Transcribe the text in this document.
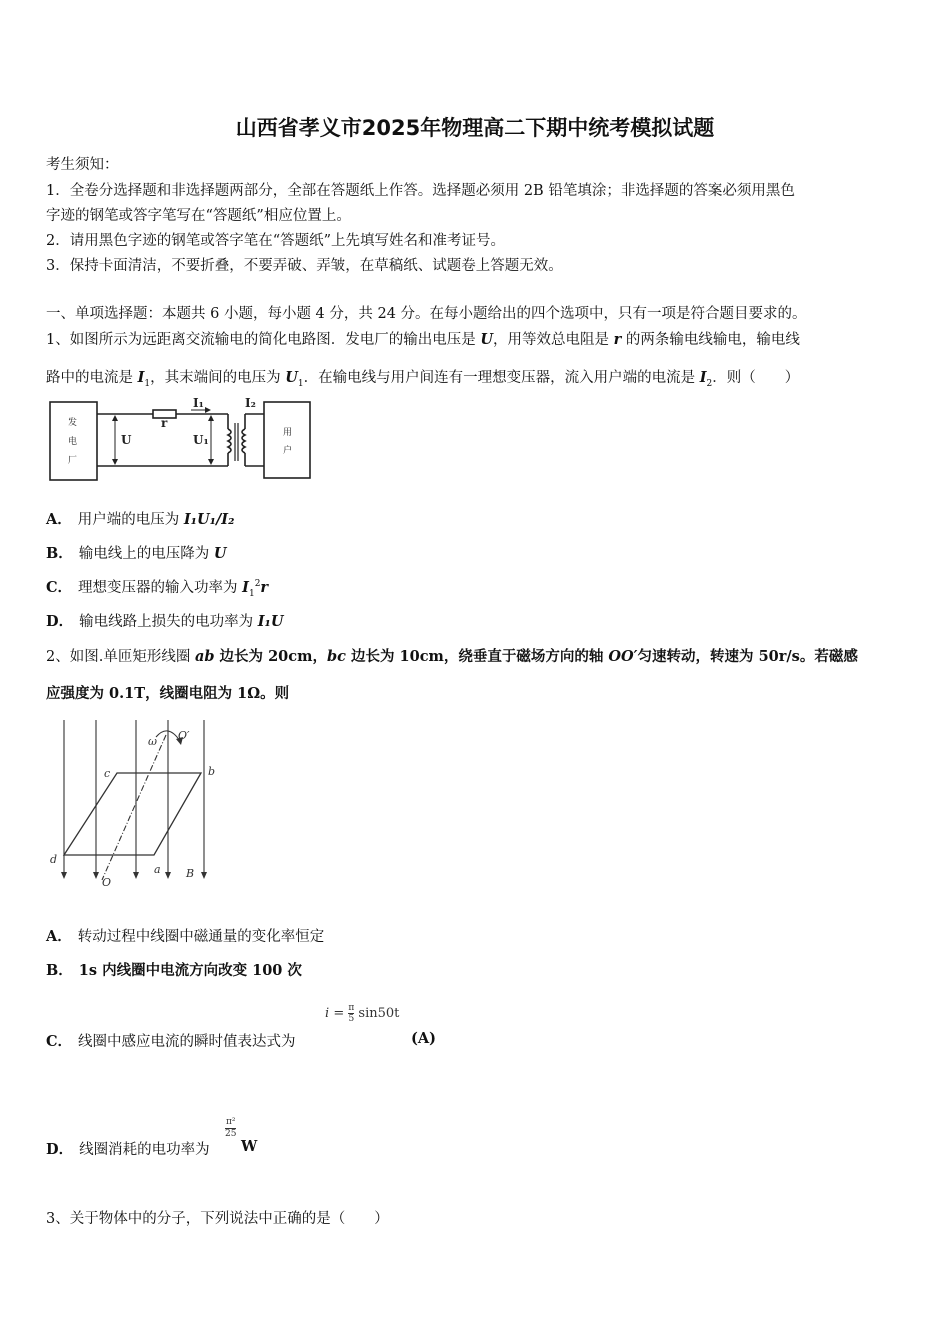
山西省孝义市2025年物理高二下期中统考模拟试题
考生须知：
1．全卷分选择题和非选择题两部分，全部在答题纸上作答。选择题必须用 2B 铅笔填涂；非选择题的答案必须用黑色
字迹的钢笔或答字笔写在“答题纸”相应位置上。
2．请用黑色字迹的钢笔或答字笔在“答题纸”上先填写姓名和准考证号。
3．保持卡面清洁，不要折叠，不要弄破、弄皱，在草稿纸、试题卷上答题无效。
一、单项选择题：本题共 6 小题，每小题 4 分，共 24 分。在每小题给出的四个选项中，只有一项是符合题目要求的。
1、如图所示为远距离交流输电的简化电路图．发电厂的输出电压是 U，用等效总电阻是 r 的两条输电线输电，输电线
路中的电流是 $I_1$，其末端间的电压为 $U_1$．在输电线与用户间连有一理想变压器，流入用户端的电流是 $I_2$．则（　　）
发
电
厂
用
户
U	U₁
r
I₁	I₂
A． 用户端的电压为 I₁U₁/I₂
B． 输电线上的电压降为 U
C． 理想变压器的输入功率为 $I_1^2r$
D． 输电线路上损失的电功率为 I₁U
2、如图.单匝矩形线圈 ab 边长为 20cm，bc 边长为 10cm，绕垂直于磁场方向的轴 OO′匀速转动，转速为 50r/s。若磁感
应强度为 0.1T，线圈电阻为 1Ω。则
O′
ω
c	b
d
a
O
B
A． 转动过程中线圈中磁通量的变化率恒定
B． 1s 内线圈中电流方向改变 100 次
$i = \frac{\pi}{5} \sin 50t$
C． 线圈中感应电流的瞬时值表达式为	(A)
$\frac{\text{π²}}{25}$
D． 线圈消耗的电功率为 W
3、关于物体中的分子，下列说法中正确的是（　　）
